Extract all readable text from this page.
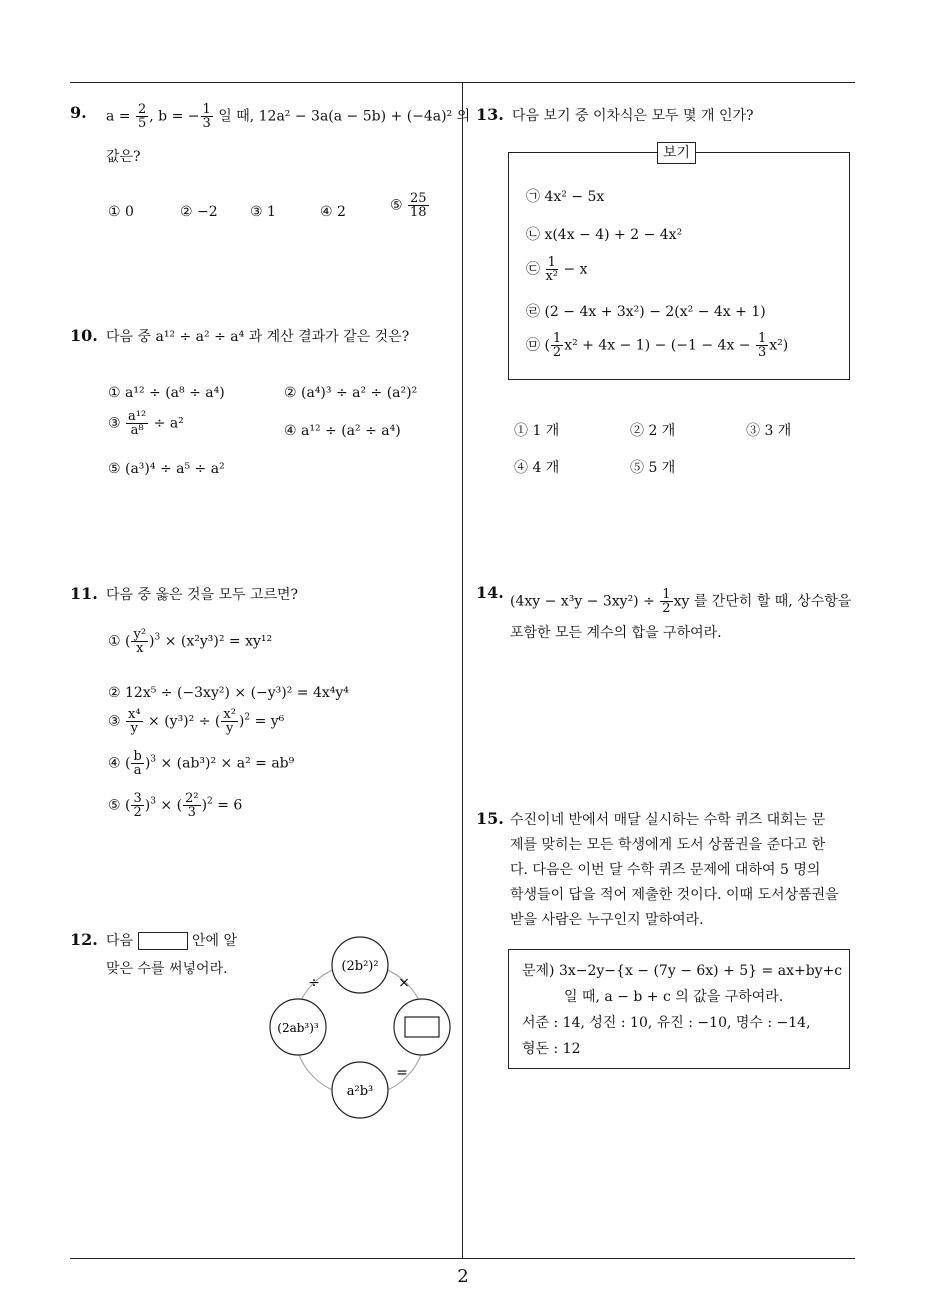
9. $a = \frac{2}{5}$ , b = − $\frac{1}{3}$ 일 때, 12a² − 3a(a − 5b) + (−4a)² 의
값은?
① 0	② −2 ③ 1	④ 2	⑤ $\frac{25}{18}$
10. 다음 중 a¹² ÷ a² ÷ a⁴ 과 계산 결과가 같은 것은?
① a¹² ÷ (a⁸ ÷ a⁴)	② (a⁴)³ ÷ a² ÷ (a²)²
③ $\frac{\text{a¹²}}{\text{a⁸}} \div a^2$	④ a¹² ÷ (a² ÷ a⁴)
⑤ (a³)⁴ ÷ a⁵ ÷ a²
11. 다음 중 옳은 것을 모두 고르면?
① ( $\frac{\text{y²}}{x} )^3 \times (x^2y^3)^2 = xy^{12}$
② 12x⁵ ÷ (−3xy²) × (−y³)² = 4x⁴y⁴
③ $\frac{\text{x⁴}}{y} \times (y^3)^2$ ÷ ( $\frac{\text{x²}}{y} )^2 = y^6$
④ ( $\frac{b}{a} )^3 \times (ab^3)^2 \times a^2 = ab^9$
⑤ ( $\frac{3}{2} )^3$ × ( $\frac{\text{2²}}{3} )^2 = 6$
12. 다음	안에 알
맞은 수를 써넣어라.	(2b²)²
(2ab³)³
a²b³
÷	×
=
13. 다음 보기 중 이차식은 모두 몇 개 인가?
보기
㉠ 4x² − 5x
㉡ x(4x − 4) + 2 − 4x²
㉢ $\frac{1}{\text{x²}} - x$
㉣ (2 − 4x + 3x²) − 2(x² − 4x + 1)
㉤ ( $\frac{1}{2} x^2 + 4x - 1) - (-1 - 4x - \frac{1}{3} x^2)$
① 1 개	② 2 개	③ 3 개
④ 4 개	⑤ 5 개
14. $(4xy - x^3y - 3xy^2) \div \frac{1}{2}$ xy 를 간단히 할 때, 상수항을
포함한 모든 계수의 합을 구하여라.
15. 수진이네 반에서 매달 실시하는 수학 퀴즈 대회는 문
제를 맞히는 모든 학생에게 도서 상품권을 준다고 한
다. 다음은 이번 달 수학 퀴즈 문제에 대하여 5 명의
학생들이 답을 적어 제출한 것이다. 이때 도서상품권을
받을 사람은 누구인지 말하여라.
문제) 3x−2y−{x − (7y − 6x) + 5} = ax+by+c
일 때, a − b + c 의 값을 구하여라.
서준 : 14, 성진 : 10, 유진 : −10, 명수 : −14,
형돈 : 12
2
